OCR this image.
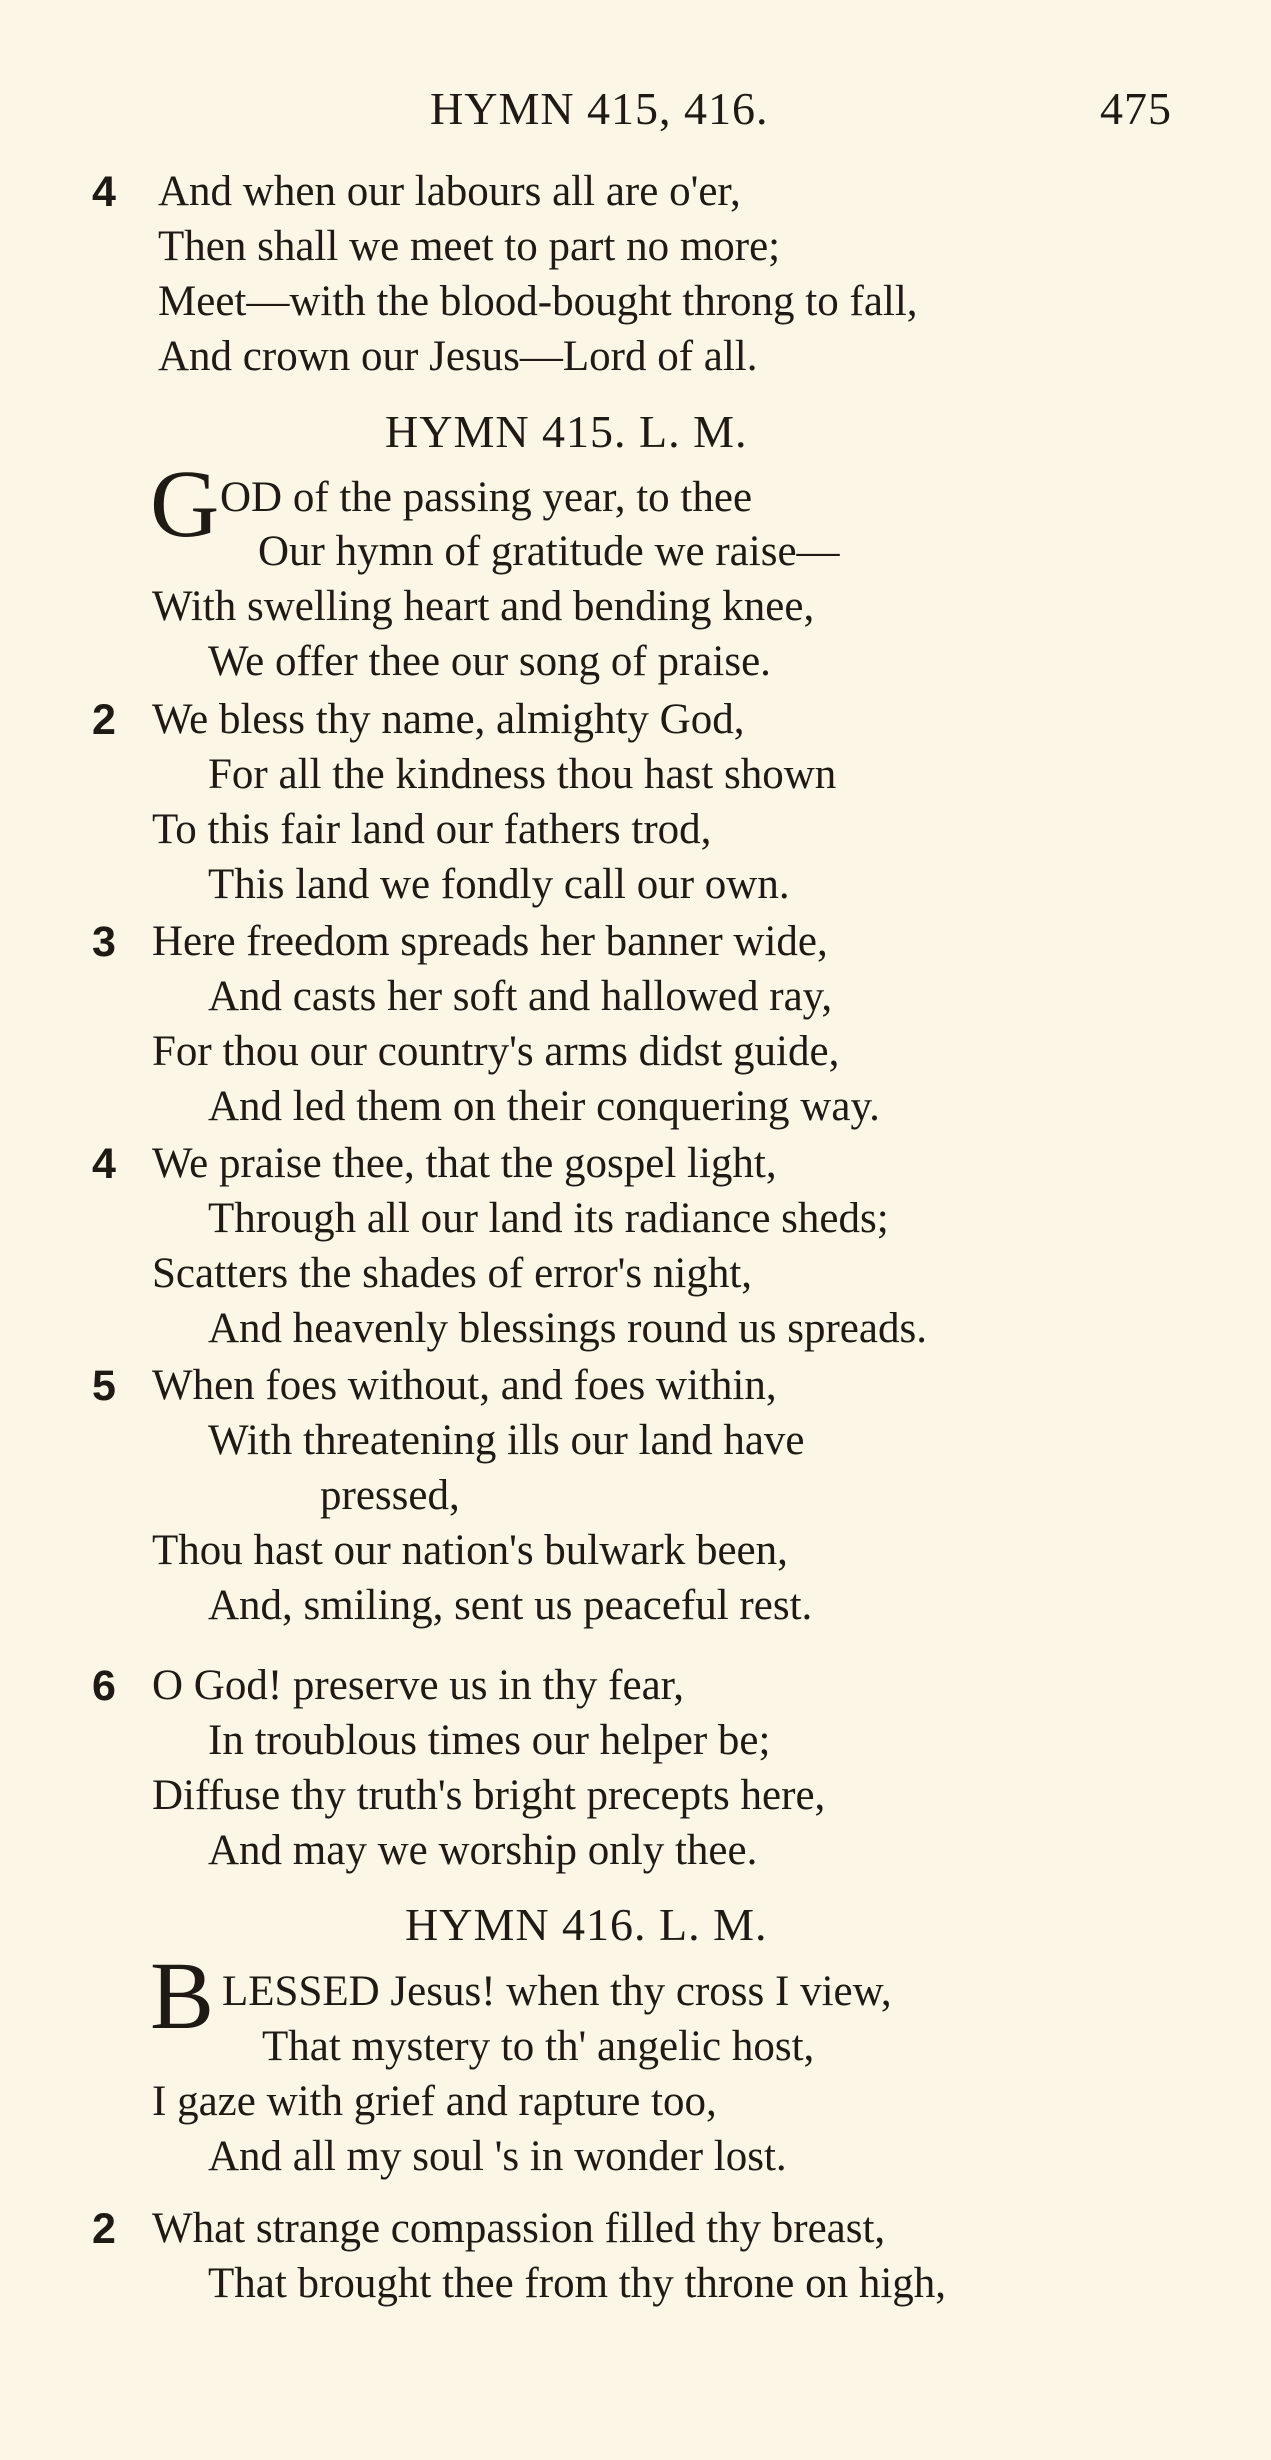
HYMN 415, 416.	475
4 And when our labours all are o'er,
Then shall we meet to part no more;
Meet—with the blood-bought throng to fall,
And crown our Jesus—Lord of all.
HYMN 415. L. M.
G OD of the passing year, to thee
Our hymn of gratitude we raise—
With swelling heart and bending knee,
We offer thee our song of praise.
2 We bless thy name, almighty God,
For all the kindness thou hast shown
To this fair land our fathers trod,
This land we fondly call our own.
3 Here freedom spreads her banner wide,
And casts her soft and hallowed ray,
For thou our country's arms didst guide,
And led them on their conquering way.
4 We praise thee, that the gospel light,
Through all our land its radiance sheds;
Scatters the shades of error's night,
And heavenly blessings round us spreads.
5 When foes without, and foes within,
With threatening ills our land have
pressed,
Thou hast our nation's bulwark been,
And, smiling, sent us peaceful rest.
6 O God! preserve us in thy fear,
In troublous times our helper be;
Diffuse thy truth's bright precepts here,
And may we worship only thee.
HYMN 416. L. M.
B LESSED Jesus! when thy cross I view,
That mystery to th' angelic host,
I gaze with grief and rapture too,
And all my soul 's in wonder lost.
2 What strange compassion filled thy breast,
That brought thee from thy throne on high,
